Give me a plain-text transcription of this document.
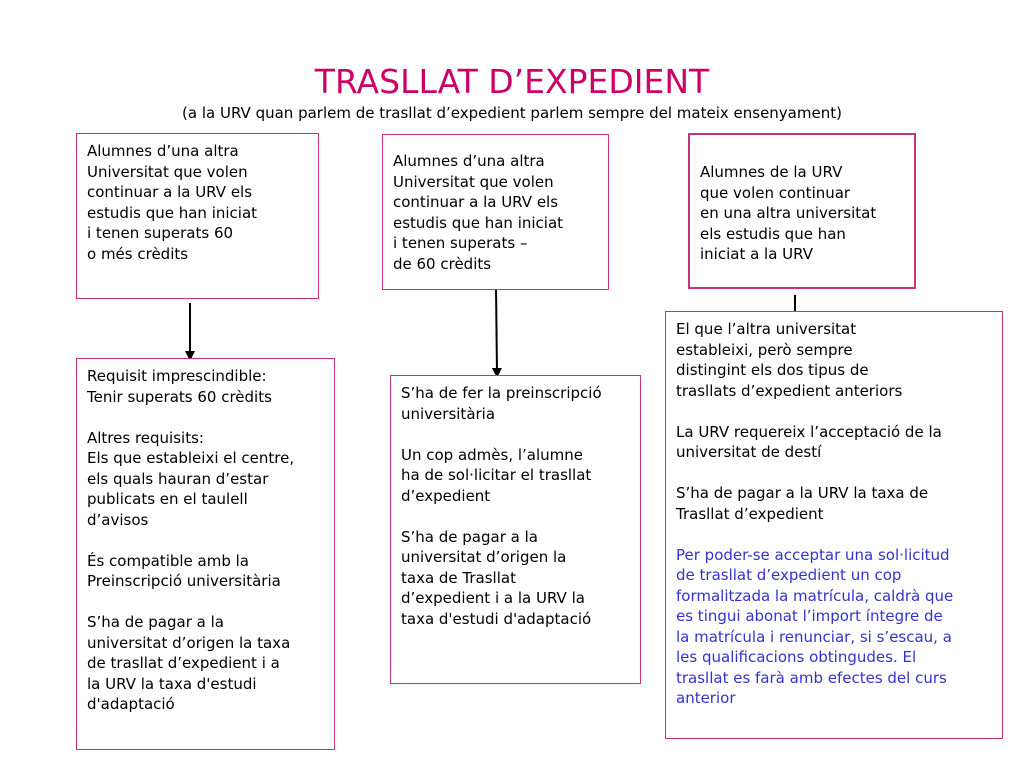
TRASLLAT D’EXPEDIENT
(a la URV quan parlem de trasllat d’expedient parlem sempre del mateix ensenyament)
Alumnes d’una altra
Universitat que volen
continuar a la URV els
estudis que han iniciat
i tenen superats 60
o més crèdits
Alumnes d’una altra
Universitat que volen
continuar a la URV els
estudis que han iniciat
i tenen superats –
de 60 crèdits
Alumnes de la URV
que volen continuar
en una altra universitat
els estudis que han
iniciat a la URV
Requisit imprescindible:
Tenir superats 60 crèdits
Altres requisits:
Els que estableixi el centre,
els quals hauran d’estar
publicats en el taulell
d’avisos
És compatible amb la
Preinscripció universitària
S’ha de pagar a la
universitat d’origen la taxa
de trasllat d’expedient i a
la URV la taxa d'estudi
d'adaptació
S’ha de fer la preinscripció
universitària
Un cop admès, l’alumne
ha de sol·licitar el trasllat
d’expedient
S’ha de pagar a la
universitat d’origen la
taxa de Trasllat
d’expedient i a la URV la
taxa d'estudi d'adaptació
El que l’altra universitat
estableixi, però sempre
distingint els dos tipus de
trasllats d’expedient anteriors
La URV requereix l’acceptació de la
universitat de destí
S’ha de pagar a la URV la taxa de
Trasllat d’expedient
Per poder-se acceptar una sol·licitud
de trasllat d’expedient un cop
formalitzada la matrícula, caldrà que
es tingui abonat l’import íntegre de
la matrícula i renunciar, si s’escau, a
les qualificacions obtingudes. El
trasllat es farà amb efectes del curs
anterior
